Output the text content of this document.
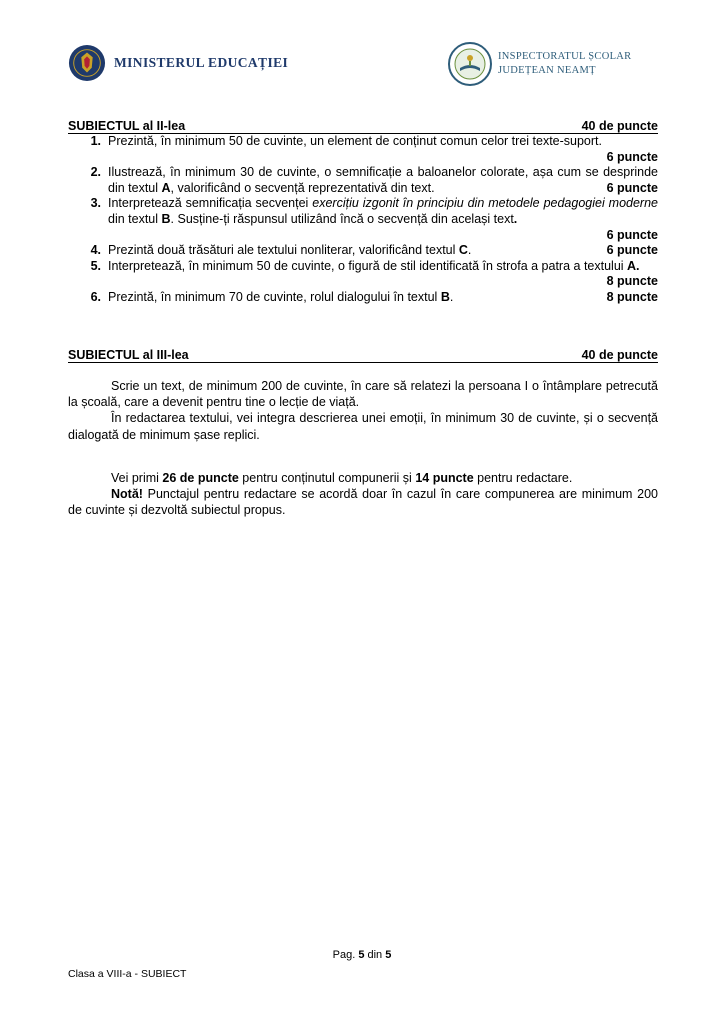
MINISTERUL EDUCAȚIEI	INSPECTORATUL ȘCOLAR
JUDEȚEAN NEAMȚ
SUBIECTUL al II-lea	40 de puncte
1. Prezintă, în minimum 50 de cuvinte, un element de conținut comun celor trei texte-suport.
6 puncte
2. Ilustrează, în minimum 30 de cuvinte, o semnificație a baloanelor colorate, așa cum se desprinde din textul A, valorificând o secvență reprezentativă din text.	6 puncte
3. Interpretează semnificația secvenței exercițiu izgonit în principiu din metodele pedagogiei moderne din textul B. Susține-ți răspunsul utilizând încă o secvență din același text.
6 puncte
4. Prezintă două trăsături ale textului nonliterar, valorificând textul C.	6 puncte
5. Interpretează, în minimum 50 de cuvinte, o figură de stil identificată în strofa a patra a textului A.
8 puncte
6. Prezintă, în minimum 70 de cuvinte, rolul dialogului în textul B.	8 puncte
SUBIECTUL al III-lea	40 de puncte

Scrie un text, de minimum 200 de cuvinte, în care să relatezi la persoana I o întâmplare petrecută la școală, care a devenit pentru tine o lecție de viață.

În redactarea textului, vei integra descrierea unei emoții, în minimum 30 de cuvinte, și o secvență dialogată de minimum șase replici.

Vei primi 26 de puncte pentru conținutul compunerii și 14 puncte pentru redactare.

Notă! Punctajul pentru redactare se acordă doar în cazul în care compunerea are minimum 200 de cuvinte și dezvoltă subiectul propus.

Pag. 5 din 5
Clasa a VIII-a - SUBIECT
